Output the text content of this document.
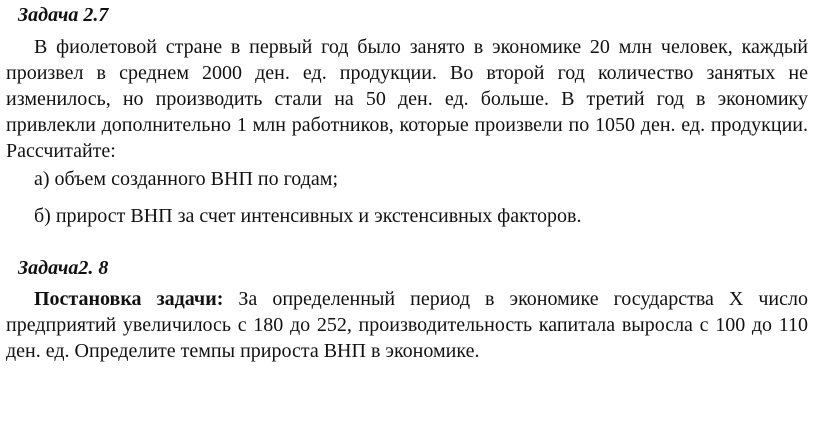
Задача 2.7

В фиолетовой стране в первый год было занято в экономике 20 млн человек, каждый произвел в среднем 2000 ден. ед. продукции. Во второй год количество занятых не изменилось, но производить стали на 50 ден. ед. больше. В третий год в экономику привлекли дополнительно 1 млн работников, которые произвели по 1050 ден. ед. продукции. Рассчитайте:

а) объем созданного ВНП по годам;
б) прирост ВНП за счет интенсивных и экстенсивных факторов.
Задача2. 8

Постановка задачи: За определенный период в экономике государства Х число предприятий увеличилось с 180 до 252, производительность капитала выросла с 100 до 110 ден. ед. Определите темпы прироста ВНП в экономике.
